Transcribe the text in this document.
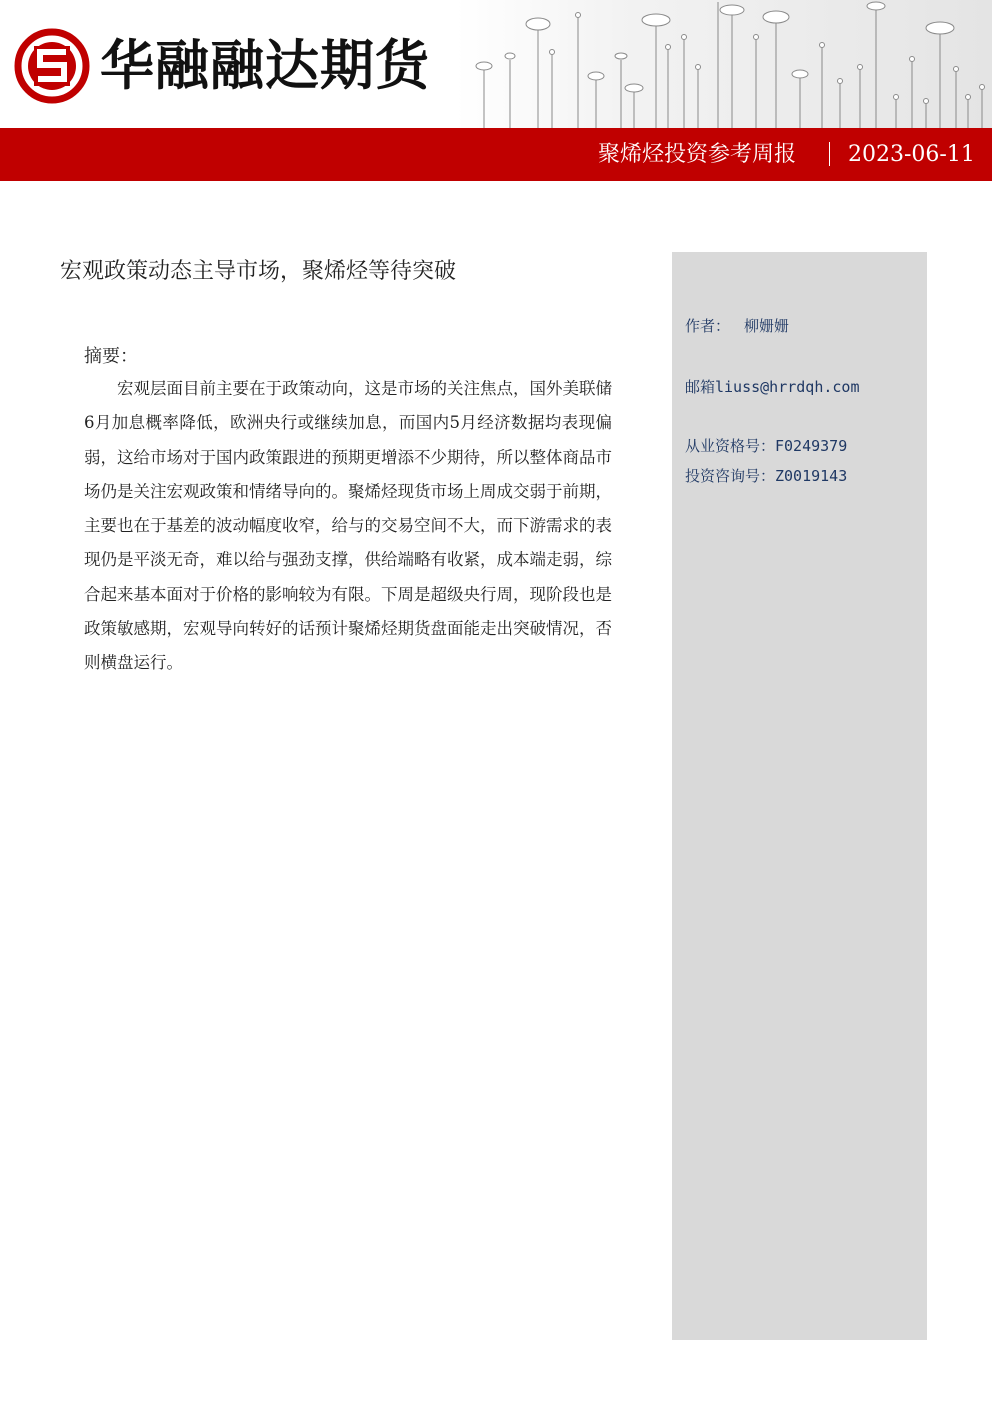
华融融达期货
聚烯烃投资参考周报 2023-06-11
宏观政策动态主导市场，聚烯烃等待突破
摘要：

宏观层面目前主要在于政策动向，这是市场的关注焦点，国外美联储6月加息概率降低，欧洲央行或继续加息，而国内5月经济数据均表现偏弱，这给市场对于国内政策跟进的预期更增添不少期待，所以整体商品市场仍是关注宏观政策和情绪导向的。聚烯烃现货市场上周成交弱于前期，主要也在于基差的波动幅度收窄，给与的交易空间不大，而下游需求的表现仍是平淡无奇，难以给与强劲支撑，供给端略有收紧，成本端走弱，综合起来基本面对于价格的影响较为有限。下周是超级央行周，现阶段也是政策敏感期，宏观导向转好的话预计聚烯烃期货盘面能走出突破情况，否则横盘运行。

作者： 柳姗姗
邮箱liuss@hrrdqh.com
从业资格号：F0249379
投资咨询号：Z0019143
